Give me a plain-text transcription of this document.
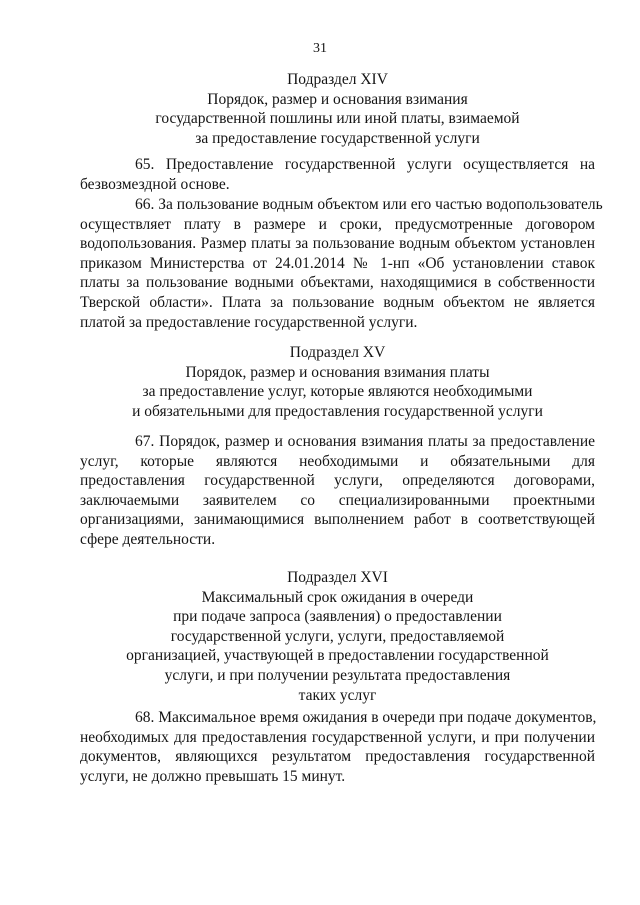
31
Подраздел XIV
Порядок, размер и основания взимания
государственной пошлины или иной платы, взимаемой
за предоставление государственной услуги
65. Предоставление государственной услуги осуществляется на
безвозмездной основе.
66. За пользование водным объектом или его частью водопользователь
осуществляет плату в размере и сроки, предусмотренные договором
водопользования. Размер платы за пользование водным объектом установлен
приказом Министерства от 24.01.2014 № 1-нп «Об установлении ставок
платы за пользование водными объектами, находящимися в собственности
Тверской области». Плата за пользование водным объектом не является
платой за предоставление государственной услуги.
Подраздел XV
Порядок, размер и основания взимания платы
за предоставление услуг, которые являются необходимыми
и обязательными для предоставления государственной услуги
67. Порядок, размер и основания взимания платы за предоставление
услуг, которые являются необходимыми и обязательными для
предоставления государственной услуги, определяются договорами,
заключаемыми заявителем со специализированными проектными
организациями, занимающимися выполнением работ в соответствующей
сфере деятельности.
Подраздел XVI
Максимальный срок ожидания в очереди
при подаче запроса (заявления) о предоставлении
государственной услуги, услуги, предоставляемой
организацией, участвующей в предоставлении государственной
услуги, и при получении результата предоставления
таких услуг
68. Максимальное время ожидания в очереди при подаче документов,
необходимых для предоставления государственной услуги, и при получении
документов, являющихся результатом предоставления государственной
услуги, не должно превышать 15 минут.
